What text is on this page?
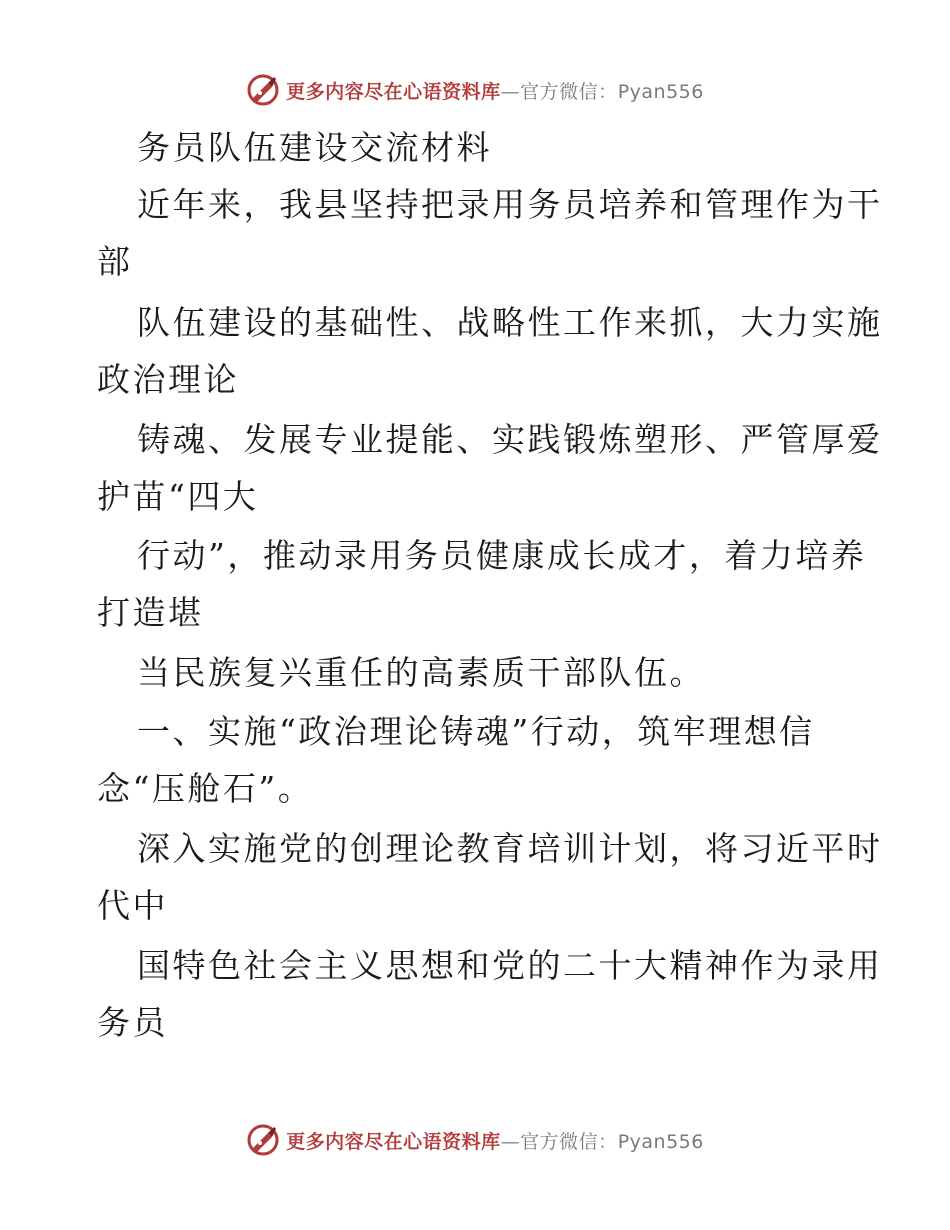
更多内容尽在心语资料库—官方微信：Pyan556
务员队伍建设交流材料
近年来，我县坚持把录用务员培养和管理作为干
部
队伍建设的基础性、战略性工作来抓，大力实施
政治理论
铸魂、发展专业提能、实践锻炼塑形、严管厚爱
护苗“四大
行动”，推动录用务员健康成长成才，着力培养
打造堪
当民族复兴重任的高素质干部队伍。
一、实施“政治理论铸魂”行动，筑牢理想信
念“压舱石”。
深入实施党的创理论教育培训计划，将习近平时
代中
国特色社会主义思想和党的二十大精神作为录用
务员
更多内容尽在心语资料库—官方微信：Pyan556
